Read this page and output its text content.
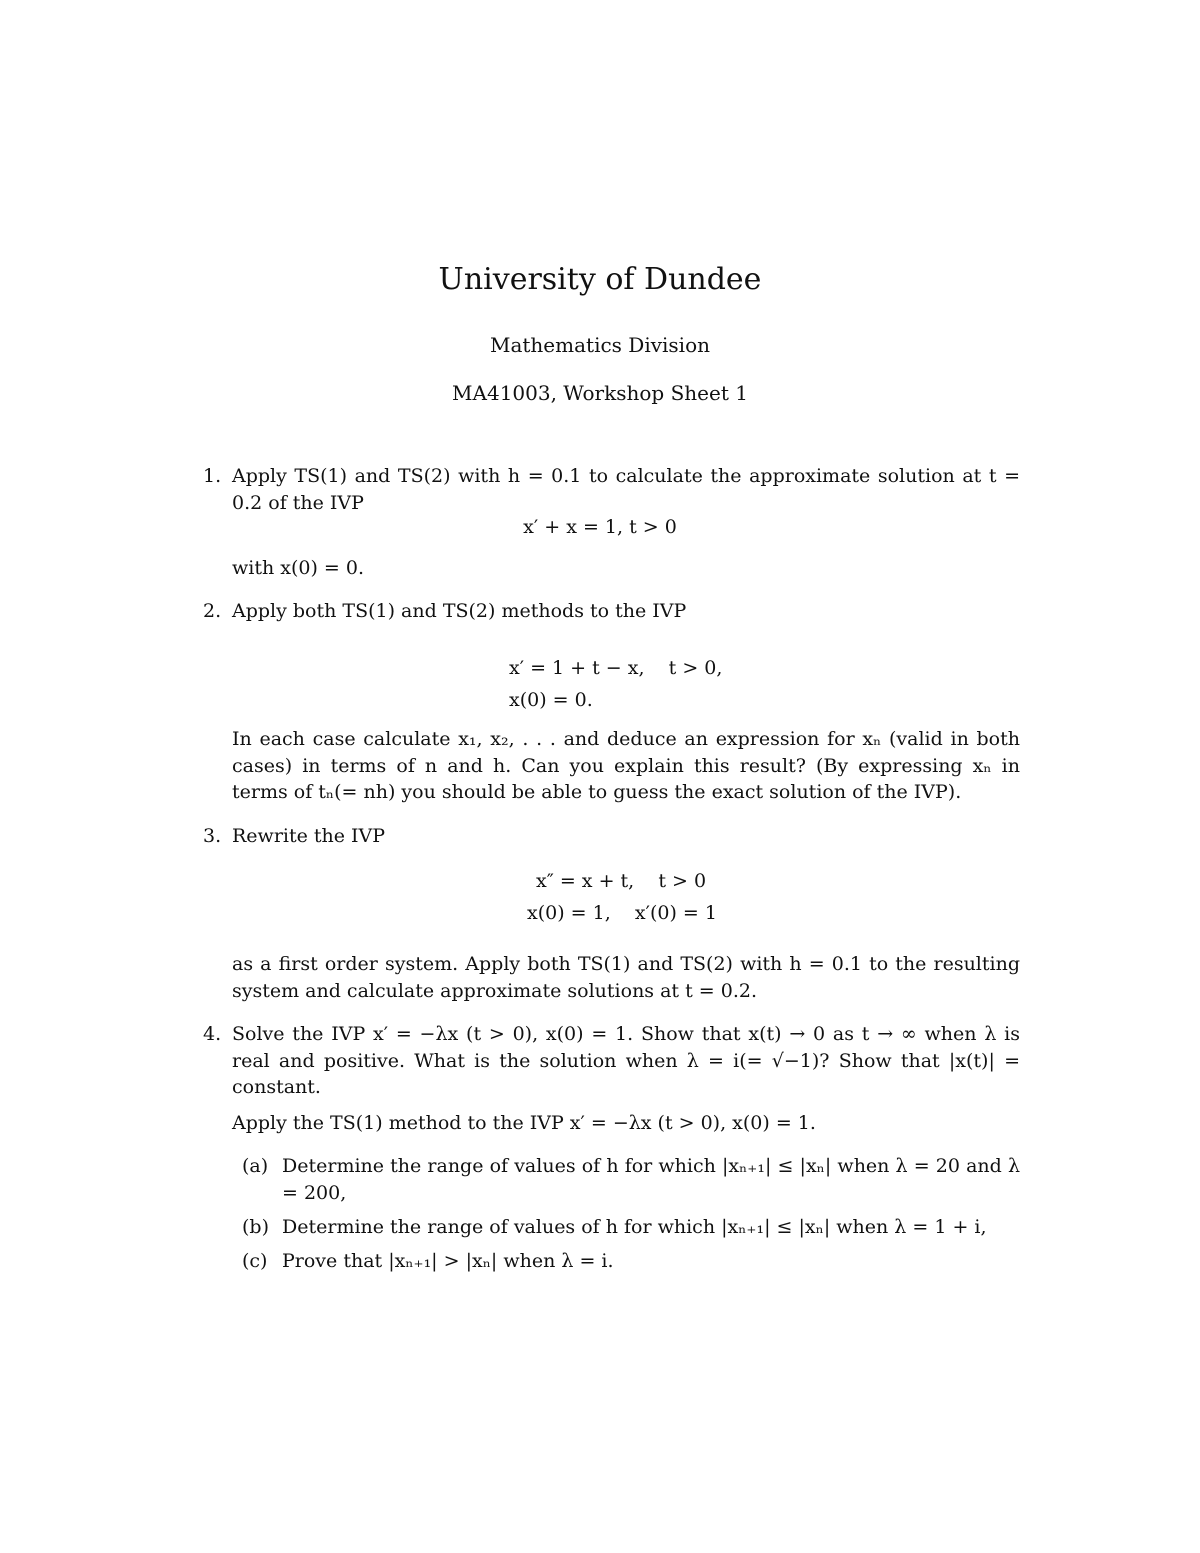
University of Dundee
Mathematics Division
MA41003, Workshop Sheet 1
1. Apply TS(1) and TS(2) with h = 0.1 to calculate the approximate solution at t = 0.2 of the IVP
x′ + x = 1, t > 0
with x(0) = 0.
2. Apply both TS(1) and TS(2) methods to the IVP
x′ = 1 + t − x,    t > 0,
x(0) = 0.
In each case calculate x₁, x₂, . . . and deduce an expression for xₙ (valid in both cases) in terms of n and h. Can you explain this result? (By expressing xₙ in terms of tₙ(= nh) you should be able to guess the exact solution of the IVP).
3. Rewrite the IVP
x″ = x + t,    t > 0
x(0) = 1,    x′(0) = 1
as a first order system. Apply both TS(1) and TS(2) with h = 0.1 to the resulting system and calculate approximate solutions at t = 0.2.
4. Solve the IVP x′ = −λx (t > 0), x(0) = 1. Show that x(t) → 0 as t → ∞ when λ is real and positive. What is the solution when λ = i(= √−1)? Show that |x(t)| = constant.
Apply the TS(1) method to the IVP x′ = −λx (t > 0), x(0) = 1.
(a) Determine the range of values of h for which |xₙ₊₁| ≤ |xₙ| when λ = 20 and λ = 200,
(b) Determine the range of values of h for which |xₙ₊₁| ≤ |xₙ| when λ = 1 + i,
(c) Prove that |xₙ₊₁| > |xₙ| when λ = i.
